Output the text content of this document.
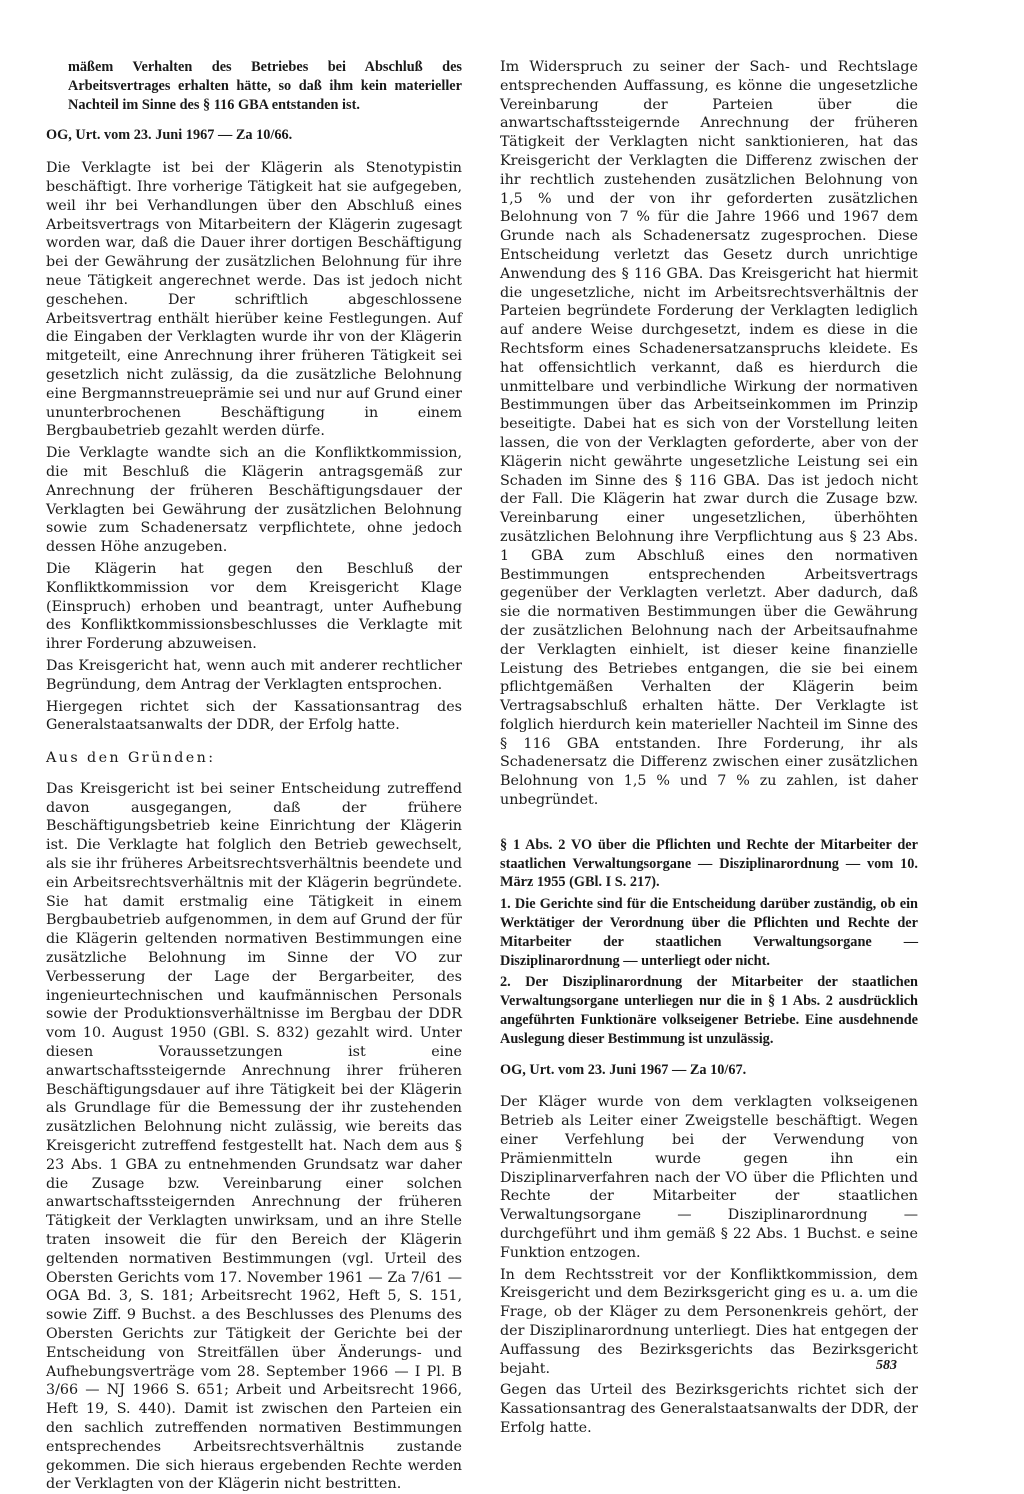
mäßem Verhalten des Betriebes bei Abschluß des Arbeitsvertrages erhalten hätte, so daß ihm kein materieller Nachteil im Sinne des § 116 GBA entstanden ist.

OG, Urt. vom 23. Juni 1967 — Za 10/66.

Die Verklagte ist bei der Klägerin als Stenotypistin beschäftigt. Ihre vorherige Tätigkeit hat sie aufgegeben, weil ihr bei Verhandlungen über den Abschluß eines Arbeitsvertrags von Mitarbeitern der Klägerin zugesagt worden war, daß die Dauer ihrer dortigen Beschäftigung bei der Gewährung der zusätzlichen Belohnung für ihre neue Tätigkeit angerechnet werde. Das ist jedoch nicht geschehen. Der schriftlich abgeschlossene Arbeitsvertrag enthält hierüber keine Festlegungen. Auf die Eingaben der Verklagten wurde ihr von der Klägerin mitgeteilt, eine Anrechnung ihrer früheren Tätigkeit sei gesetzlich nicht zulässig, da die zusätzliche Belohnung eine Bergmannstreueprämie sei und nur auf Grund einer ununterbrochenen Beschäftigung in einem Bergbaubetrieb gezahlt werden dürfe.

Die Verklagte wandte sich an die Konfliktkommission, die mit Beschluß die Klägerin antragsgemäß zur Anrechnung der früheren Beschäftigungsdauer der Verklagten bei Gewährung der zusätzlichen Belohnung sowie zum Schadenersatz verpflichtete, ohne jedoch dessen Höhe anzugeben.

Die Klägerin hat gegen den Beschluß der Konfliktkommission vor dem Kreisgericht Klage (Einspruch) erhoben und beantragt, unter Aufhebung des Konfliktkommissionsbeschlusses die Verklagte mit ihrer Forderung abzuweisen.

Das Kreisgericht hat, wenn auch mit anderer rechtlicher Begründung, dem Antrag der Verklagten entsprochen.

Hiergegen richtet sich der Kassationsantrag des Generalstaatsanwalts der DDR, der Erfolg hatte.

Aus den Gründen:

Das Kreisgericht ist bei seiner Entscheidung zutreffend davon ausgegangen, daß der frühere Beschäftigungsbetrieb keine Einrichtung der Klägerin ist. Die Verklagte hat folglich den Betrieb gewechselt, als sie ihr früheres Arbeitsrechtsverhältnis beendete und ein Arbeitsrechtsverhältnis mit der Klägerin begründete. Sie hat damit erstmalig eine Tätigkeit in einem Bergbaubetrieb aufgenommen, in dem auf Grund der für die Klägerin geltenden normativen Bestimmungen eine zusätzliche Belohnung im Sinne der VO zur Verbesserung der Lage der Bergarbeiter, des ingenieurtechnischen und kaufmännischen Personals sowie der Produktionsverhältnisse im Bergbau der DDR vom 10. August 1950 (GBl. S. 832) gezahlt wird. Unter diesen Voraussetzungen ist eine anwartschaftssteigernde Anrechnung ihrer früheren Beschäftigungsdauer auf ihre Tätigkeit bei der Klägerin als Grundlage für die Bemessung der ihr zustehenden zusätzlichen Belohnung nicht zulässig, wie bereits das Kreisgericht zutreffend festgestellt hat. Nach dem aus § 23 Abs. 1 GBA zu entnehmenden Grundsatz war daher die Zusage bzw. Vereinbarung einer solchen anwartschaftssteigernden Anrechnung der früheren Tätigkeit der Verklagten unwirksam, und an ihre Stelle traten insoweit die für den Bereich der Klägerin geltenden normativen Bestimmungen (vgl. Urteil des Obersten Gerichts vom 17. November 1961 — Za 7/61 — OGA Bd. 3, S. 181; Arbeitsrecht 1962, Heft 5, S. 151, sowie Ziff. 9 Buchst. a des Beschlusses des Plenums des Obersten Gerichts zur Tätigkeit der Gerichte bei der Entscheidung von Streitfällen über Änderungs- und Aufhebungsverträge vom 28. September 1966 — I Pl. B 3/66 — NJ 1966 S. 651; Arbeit und Arbeitsrecht 1966, Heft 19, S. 440). Damit ist zwischen den Parteien ein den sachlich zutreffenden normativen Bestimmungen entsprechendes Arbeitsrechtsverhältnis zustande gekommen. Die sich hieraus ergebenden Rechte werden der Verklagten von der Klägerin nicht bestritten.

Im Widerspruch zu seiner der Sach- und Rechtslage entsprechenden Auffassung, es könne die ungesetzliche Vereinbarung der Parteien über die anwartschaftssteigernde Anrechnung der früheren Tätigkeit der Verklagten nicht sanktionieren, hat das Kreisgericht der Verklagten die Differenz zwischen der ihr rechtlich zustehenden zusätzlichen Belohnung von 1,5 % und der von ihr geforderten zusätzlichen Belohnung von 7 % für die Jahre 1966 und 1967 dem Grunde nach als Schadenersatz zugesprochen. Diese Entscheidung verletzt das Gesetz durch unrichtige Anwendung des § 116 GBA. Das Kreisgericht hat hiermit die ungesetzliche, nicht im Arbeitsrechtsverhältnis der Parteien begründete Forderung der Verklagten lediglich auf andere Weise durchgesetzt, indem es diese in die Rechtsform eines Schadenersatzanspruchs kleidete. Es hat offensichtlich verkannt, daß es hierdurch die unmittelbare und verbindliche Wirkung der normativen Bestimmungen über das Arbeitseinkommen im Prinzip beseitigte. Dabei hat es sich von der Vorstellung leiten lassen, die von der Verklagten geforderte, aber von der Klägerin nicht gewährte ungesetzliche Leistung sei ein Schaden im Sinne des § 116 GBA. Das ist jedoch nicht der Fall. Die Klägerin hat zwar durch die Zusage bzw. Vereinbarung einer ungesetzlichen, überhöhten zusätzlichen Belohnung ihre Verpflichtung aus § 23 Abs. 1 GBA zum Abschluß eines den normativen Bestimmungen entsprechenden Arbeitsvertrags gegenüber der Verklagten verletzt. Aber dadurch, daß sie die normativen Bestimmungen über die Gewährung der zusätzlichen Belohnung nach der Arbeitsaufnahme der Verklagten einhielt, ist dieser keine finanzielle Leistung des Betriebes entgangen, die sie bei einem pflichtgemäßen Verhalten der Klägerin beim Vertragsabschluß erhalten hätte. Der Verklagte ist folglich hierdurch kein materieller Nachteil im Sinne des § 116 GBA entstanden. Ihre Forderung, ihr als Schadenersatz die Differenz zwischen einer zusätzlichen Belohnung von 1,5 % und 7 % zu zahlen, ist daher unbegründet.

§ 1 Abs. 2 VO über die Pflichten und Rechte der Mitarbeiter der staatlichen Verwaltungsorgane — Disziplinarordnung — vom 10. März 1955 (GBl. I S. 217).

1. Die Gerichte sind für die Entscheidung darüber zuständig, ob ein Werktätiger der Verordnung über die Pflichten und Rechte der Mitarbeiter der staatlichen Verwaltungsorgane — Disziplinarordnung — unterliegt oder nicht.

2. Der Disziplinarordnung der Mitarbeiter der staatlichen Verwaltungsorgane unterliegen nur die in § 1 Abs. 2 ausdrücklich angeführten Funktionäre volkseigener Betriebe. Eine ausdehnende Auslegung dieser Bestimmung ist unzulässig.

OG, Urt. vom 23. Juni 1967 — Za 10/67.

Der Kläger wurde von dem verklagten volkseigenen Betrieb als Leiter einer Zweigstelle beschäftigt. Wegen einer Verfehlung bei der Verwendung von Prämienmitteln wurde gegen ihn ein Disziplinarverfahren nach der VO über die Pflichten und Rechte der Mitarbeiter der staatlichen Verwaltungsorgane — Disziplinarordnung — durchgeführt und ihm gemäß § 22 Abs. 1 Buchst. e seine Funktion entzogen.

In dem Rechtsstreit vor der Konfliktkommission, dem Kreisgericht und dem Bezirksgericht ging es u. a. um die Frage, ob der Kläger zu dem Personenkreis gehört, der der Disziplinarordnung unterliegt. Dies hat entgegen der Auffassung des Bezirksgerichts das Bezirksgericht bejaht.

Gegen das Urteil des Bezirksgerichts richtet sich der Kassationsantrag des Generalstaatsanwalts der DDR, der Erfolg hatte.

583
